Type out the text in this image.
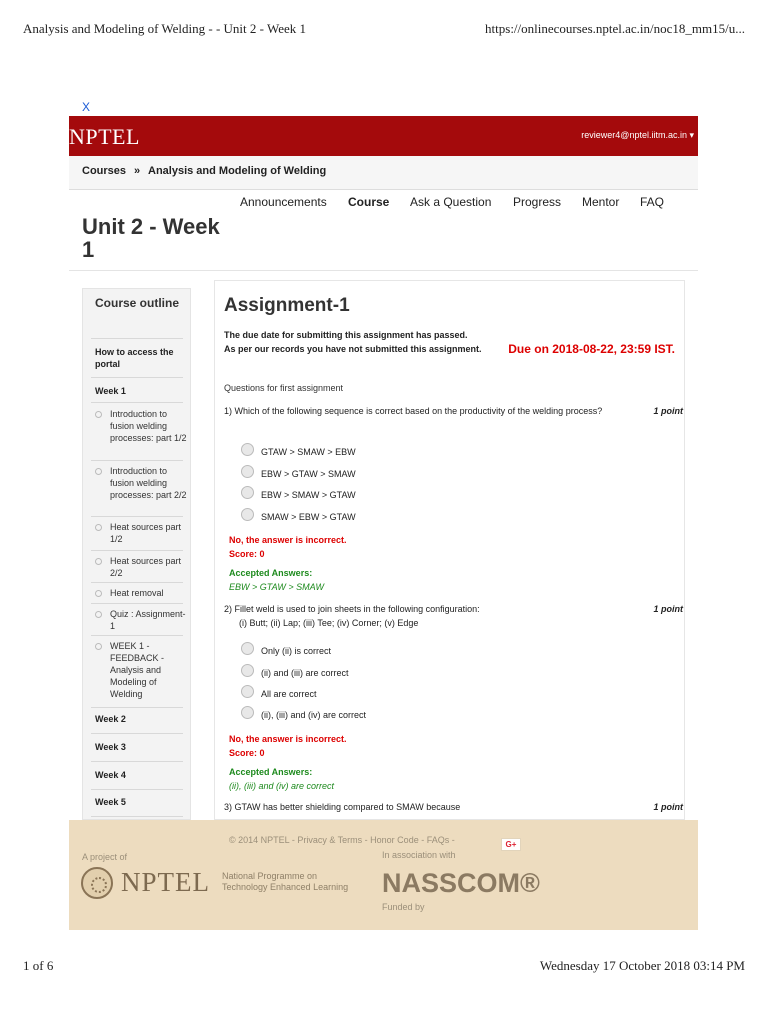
Analysis and Modeling of Welding - - Unit 2 - Week 1	https://onlinecourses.nptel.ac.in/noc18_mm15/u...
X
NPTEL	reviewer4@nptel.iitm.ac.in ▾
Courses » Analysis and Modeling of Welding
Announcements Course Ask a Question Progress Mentor FAQ
Unit 2 - Week 1
Course outline
How to access the portal
Week 1
Introduction to fusion welding processes: part 1/2
Introduction to fusion welding processes: part 2/2
Heat sources part 1/2
Heat sources part 2/2
Heat removal
Quiz : Assignment-1
WEEK 1 - FEEDBACK - Analysis and Modeling of Welding
Week 2
Week 3
Week 4
Week 5
Assignment-1
The due date for submitting this assignment has passed.
As per our records you have not submitted this assignment.	Due on 2018-08-22, 23:59 IST.
Questions for first assignment
1) Which of the following sequence is correct based on the productivity of the welding process?	1 point
GTAW > SMAW > EBW
EBW > GTAW > SMAW
EBW > SMAW > GTAW
SMAW > EBW > GTAW
No, the answer is incorrect.
Score: 0
Accepted Answers:
EBW > GTAW > SMAW
2) Fillet weld is used to join sheets in the following configuration:
(i) Butt; (ii) Lap; (iii) Tee; (iv) Corner; (v) Edge
1 point
Only (ii) is correct
(ii) and (iii) are correct
All are correct
(ii), (iii) and (iv) are correct
No, the answer is incorrect.
Score: 0
Accepted Answers:
(ii), (iii) and (iv) are correct
3) GTAW has better shielding compared to SMAW because	1 point
© 2014 NPTEL - Privacy & Terms - Honor Code - FAQs -	G+
A project of
NPTEL National Programme on Technology Enhanced Learning
In association with
NASSCOM®
Funded by
1 of 6	Wednesday 17 October 2018 03:14 PM
